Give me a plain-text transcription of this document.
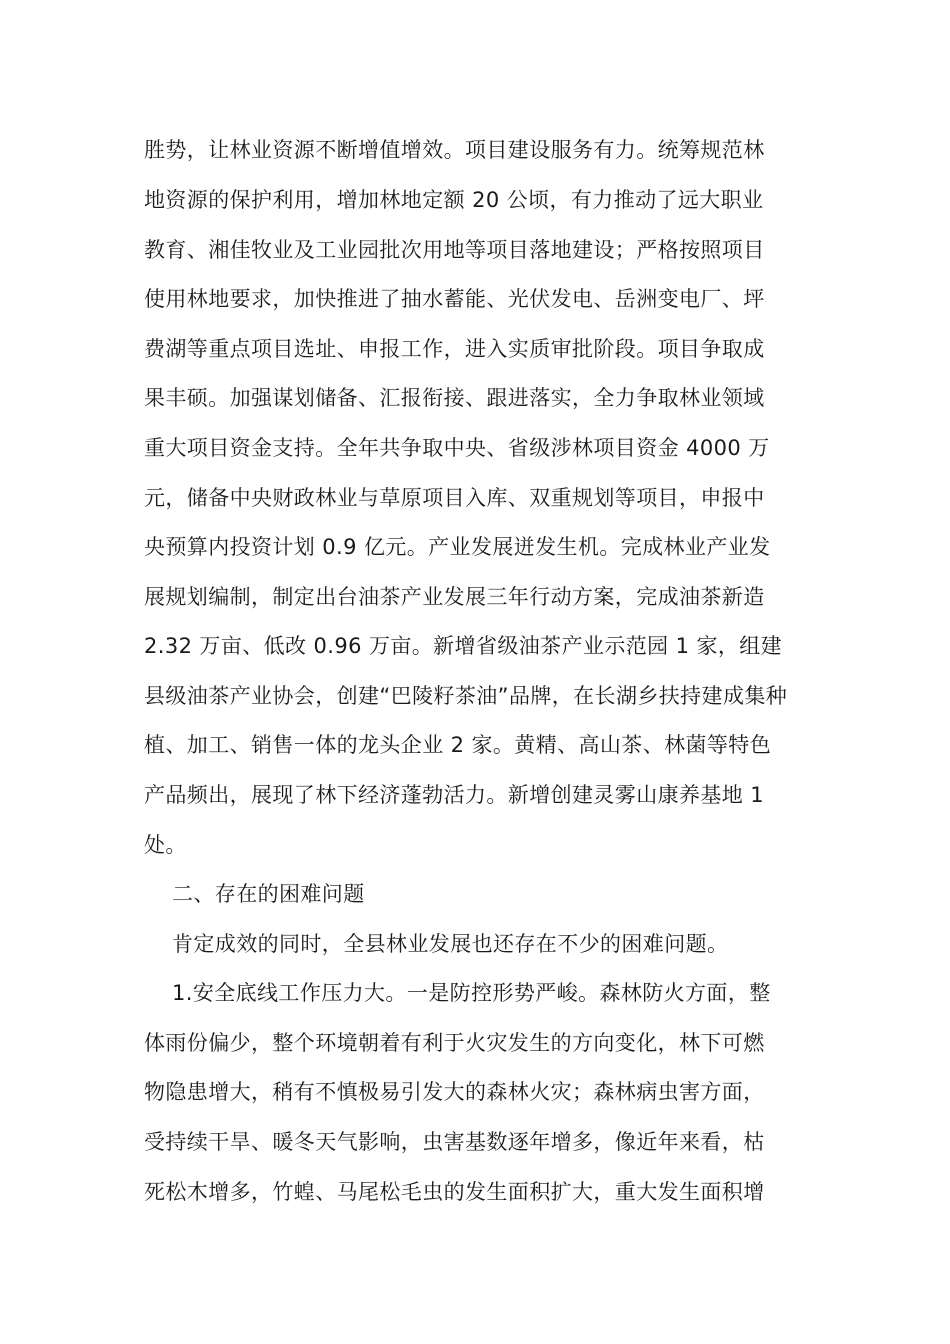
胜势，让林业资源不断增值增效。项目建设服务有力。统筹规范林
地资源的保护利用，增加林地定额 20 公顷，有力推动了远大职业
教育、湘佳牧业及工业园批次用地等项目落地建设；严格按照项目
使用林地要求，加快推进了抽水蓄能、光伏发电、岳洲变电厂、坪
费湖等重点项目选址、申报工作，进入实质审批阶段。项目争取成
果丰硕。加强谋划储备、汇报衔接、跟进落实，全力争取林业领域
重大项目资金支持。全年共争取中央、省级涉林项目资金 4000 万
元，储备中央财政林业与草原项目入库、双重规划等项目，申报中
央预算内投资计划 0.9 亿元。产业发展迸发生机。完成林业产业发
展规划编制，制定出台油茶产业发展三年行动方案，完成油茶新造
2.32 万亩、低改 0.96 万亩。新增省级油茶产业示范园 1 家，组建
县级油茶产业协会，创建“巴陵籽茶油”品牌，在长湖乡扶持建成集种
植、加工、销售一体的龙头企业 2 家。黄精、高山茶、林菌等特色
产品频出，展现了林下经济蓬勃活力。新增创建灵雾山康养基地 1
处。
二、存在的困难问题
肯定成效的同时，全县林业发展也还存在不少的困难问题。
1.安全底线工作压力大。一是防控形势严峻。森林防火方面，整
体雨份偏少，整个环境朝着有利于火灾发生的方向变化，林下可燃
物隐患增大，稍有不慎极易引发大的森林火灾；森林病虫害方面，
受持续干旱、暖冬天气影响，虫害基数逐年增多，像近年来看，枯
死松木增多，竹蝗、马尾松毛虫的发生面积扩大，重大发生面积增
